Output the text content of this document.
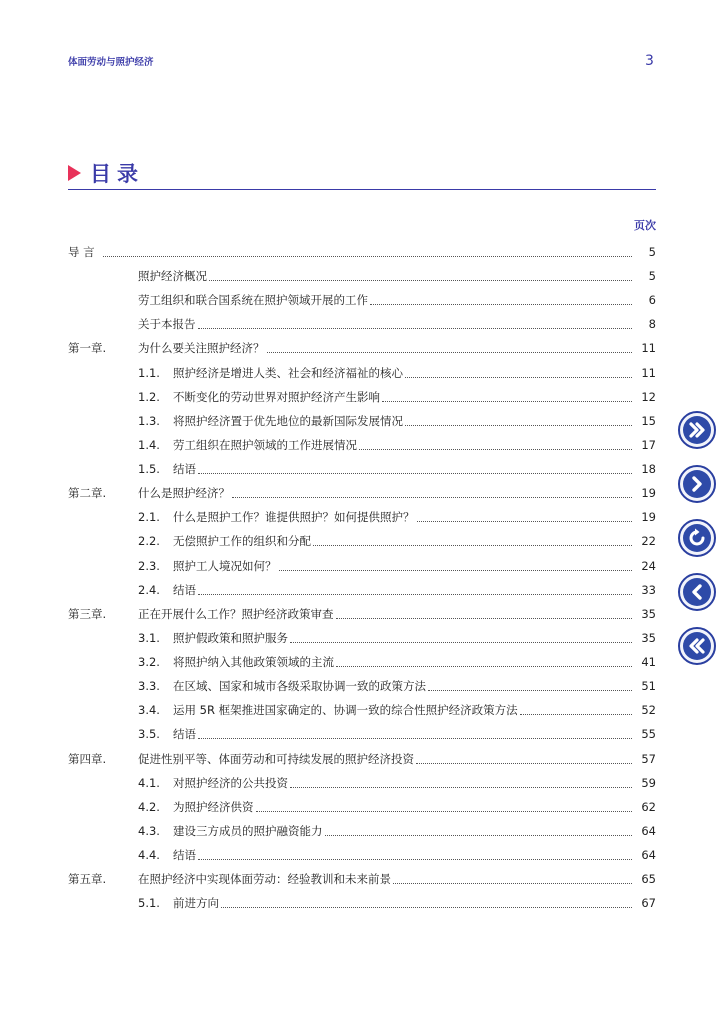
体面劳动与照护经济	3
目录
页次
导 言	5
照护经济概况	5
劳工组织和联合国系统在照护领域开展的工作	6
关于本报告	8
第一章.	为什么要关注照护经济？	11
1.1.	照护经济是增进人类、社会和经济福祉的核心	11
1.2.	不断变化的劳动世界对照护经济产生影响	12
1.3.	将照护经济置于优先地位的最新国际发展情况	15
1.4.	劳工组织在照护领域的工作进展情况	17
1.5.	结语	18
第二章.	什么是照护经济？	19
2.1.	什么是照护工作？谁提供照护？如何提供照护？	19
2.2.	无偿照护工作的组织和分配	22
2.3.	照护工人境况如何？	24
2.4.	结语	33
第三章.	正在开展什么工作？照护经济政策审查	35
3.1.	照护假政策和照护服务	35
3.2.	将照护纳入其他政策领域的主流	41
3.3.	在区域、国家和城市各级采取协调一致的政策方法	51
3.4.	运用 5R 框架推进国家确定的、协调一致的综合性照护经济政策方法	52
3.5.	结语	55
第四章.	促进性别平等、体面劳动和可持续发展的照护经济投资	57
4.1.	对照护经济的公共投资	59
4.2.	为照护经济供资	62
4.3.	建设三方成员的照护融资能力	64
4.4.	结语	64
第五章.	在照护经济中实现体面劳动：经验教训和未来前景	65
5.1.	前进方向	67
